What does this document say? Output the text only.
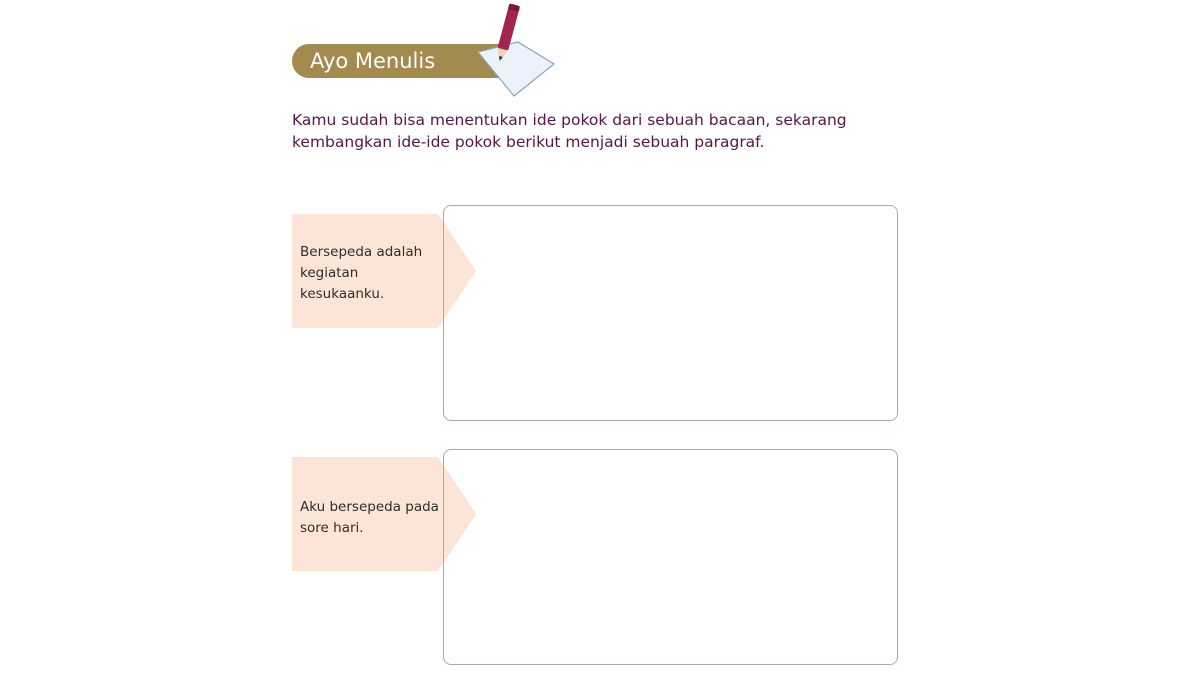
Ayo Menulis

Kamu sudah bisa menentukan ide pokok dari sebuah bacaan, sekarang kembangkan ide-ide pokok berikut menjadi sebuah paragraf.

Bersepeda adalah kegiatan kesukaanku.
Aku bersepeda pada sore hari.
